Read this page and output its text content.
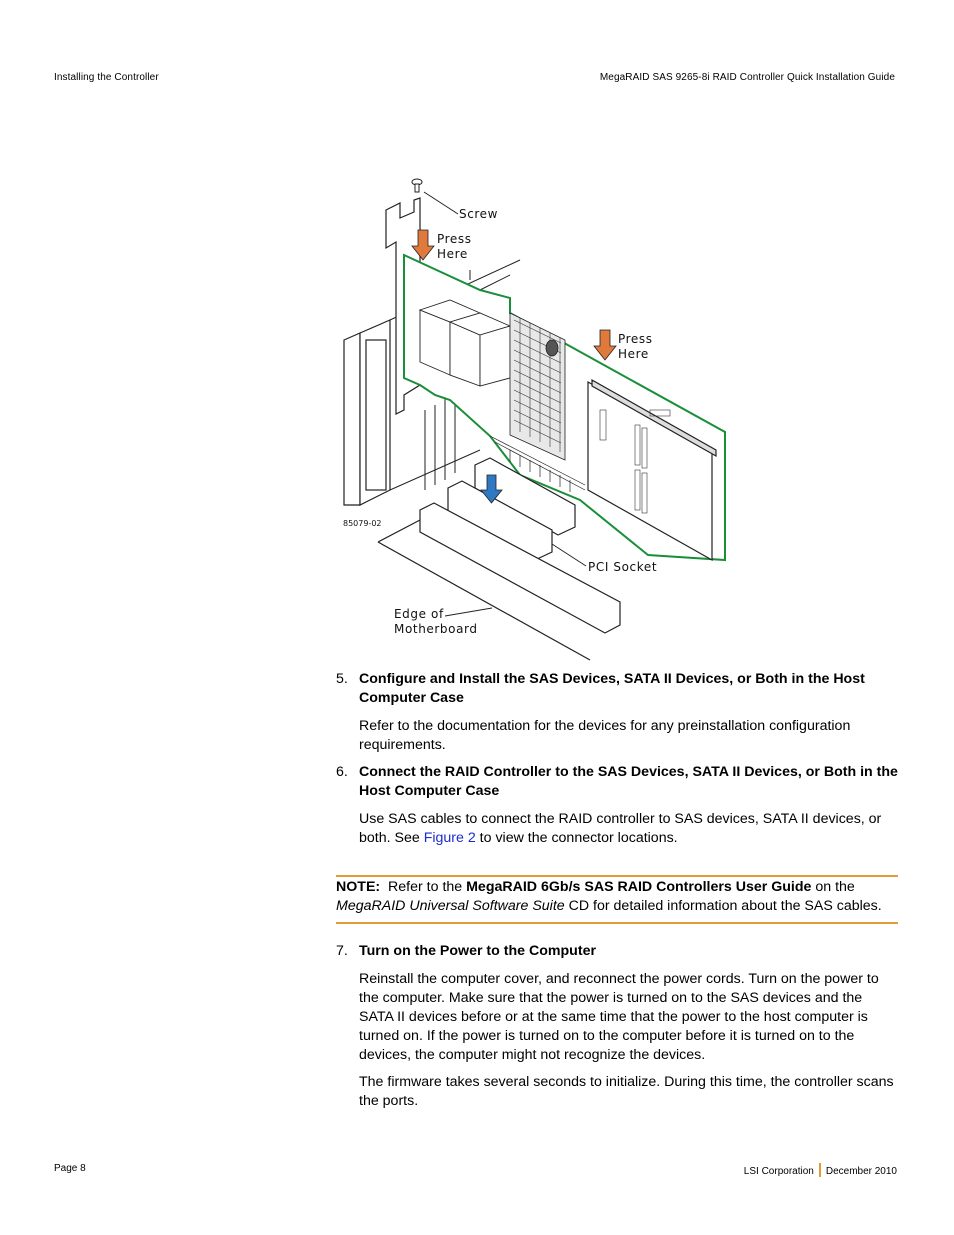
Installing the Controller	MegaRAID SAS 9265-8i RAID Controller Quick Installation Guide
Screw
Press
Here
Press
Here
PCI Socket
Edge of
Motherboard
85079-02
5. Configure and Install the SAS Devices, SATA II Devices, or Both in the Host Computer Case
Refer to the documentation for the devices for any preinstallation configuration requirements.
6. Connect the RAID Controller to the SAS Devices, SATA II Devices, or Both in the Host Computer Case
Use SAS cables to connect the RAID controller to SAS devices, SATA II devices, or both. See Figure 2 to view the connector locations.
NOTE: Refer to the MegaRAID 6Gb/s SAS RAID Controllers User Guide on the MegaRAID Universal Software Suite CD for detailed information about the SAS cables.
7. Turn on the Power to the Computer
Reinstall the computer cover, and reconnect the power cords. Turn on the power to the computer. Make sure that the power is turned on to the SAS devices and the SATA II devices before or at the same time that the power to the host computer is turned on. If the power is turned on to the computer before it is turned on to the devices, the computer might not recognize the devices.
The firmware takes several seconds to initialize. During this time, the controller scans the ports.
Page 8	LSI Corporation December 2010
